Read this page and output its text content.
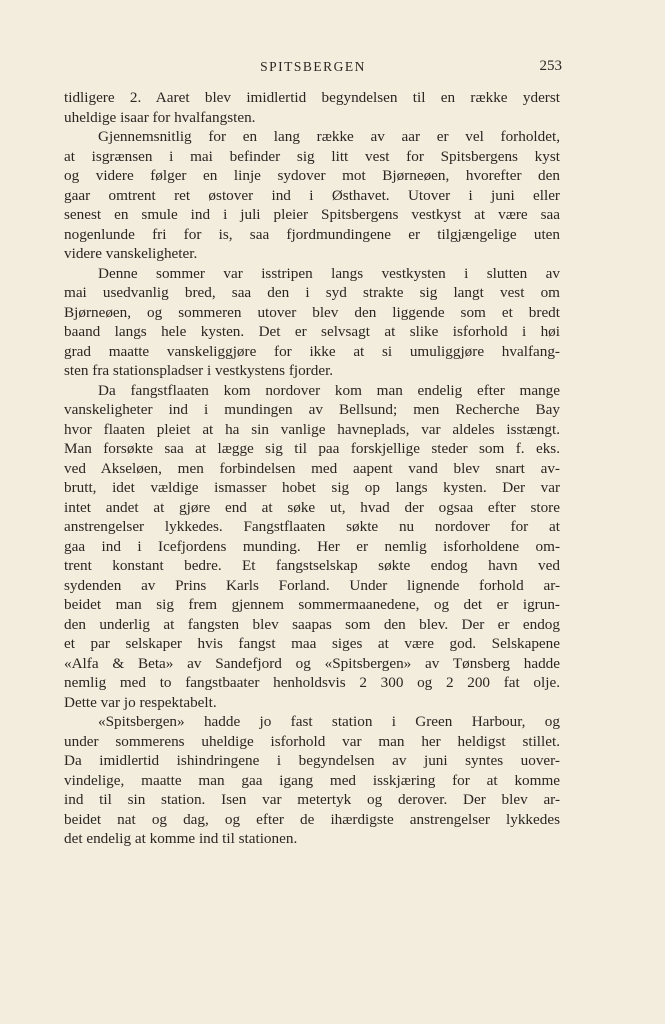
SPITSBERGEN	253
tidligere 2. Aaret blev imidlertid begyndelsen til en række yderst
uheldige isaar for hvalfangsten.
Gjennemsnitlig for en lang række av aar er vel forholdet,
at isgrænsen i mai befinder sig litt vest for Spitsbergens kyst
og videre følger en linje sydover mot Bjørneøen, hvorefter den
gaar omtrent ret østover ind i Østhavet. Utover i juni eller
senest en smule ind i juli pleier Spitsbergens vestkyst at være saa
nogenlunde fri for is, saa fjordmundingene er tilgjængelige uten
videre vanskeligheter.
Denne sommer var isstripen langs vestkysten i slutten av
mai usedvanlig bred, saa den i syd strakte sig langt vest om
Bjørneøen, og sommeren utover blev den liggende som et bredt
baand langs hele kysten. Det er selvsagt at slike isforhold i høi
grad maatte vanskeliggjøre for ikke at si umuliggjøre hvalfang-
sten fra stationspladser i vestkystens fjorder.
Da fangstflaaten kom nordover kom man endelig efter mange
vanskeligheter ind i mundingen av Bellsund; men Recherche Bay
hvor flaaten pleiet at ha sin vanlige havneplads, var aldeles isstængt.
Man forsøkte saa at lægge sig til paa forskjellige steder som f. eks.
ved Akseløen, men forbindelsen med aapent vand blev snart av-
brutt, idet vældige ismasser hobet sig op langs kysten. Der var
intet andet at gjøre end at søke ut, hvad der ogsaa efter store
anstrengelser lykkedes. Fangstflaaten søkte nu nordover for at
gaa ind i Icefjordens munding. Her er nemlig isforholdene om-
trent konstant bedre. Et fangstselskap søkte endog havn ved
sydenden av Prins Karls Forland. Under lignende forhold ar-
beidet man sig frem gjennem sommermaanedene, og det er igrun-
den underlig at fangsten blev saapas som den blev. Der er endog
et par selskaper hvis fangst maa siges at være god. Selskapene
«Alfa & Beta» av Sandefjord og «Spitsbergen» av Tønsberg hadde
nemlig med to fangstbaater henholdsvis 2 300 og 2 200 fat olje.
Dette var jo respektabelt.
«Spitsbergen» hadde jo fast station i Green Harbour, og
under sommerens uheldige isforhold var man her heldigst stillet.
Da imidlertid ishindringene i begyndelsen av juni syntes uover-
vindelige, maatte man gaa igang med isskjæring for at komme
ind til sin station. Isen var metertyk og derover. Der blev ar-
beidet nat og dag, og efter de ihærdigste anstrengelser lykkedes
det endelig at komme ind til stationen.
